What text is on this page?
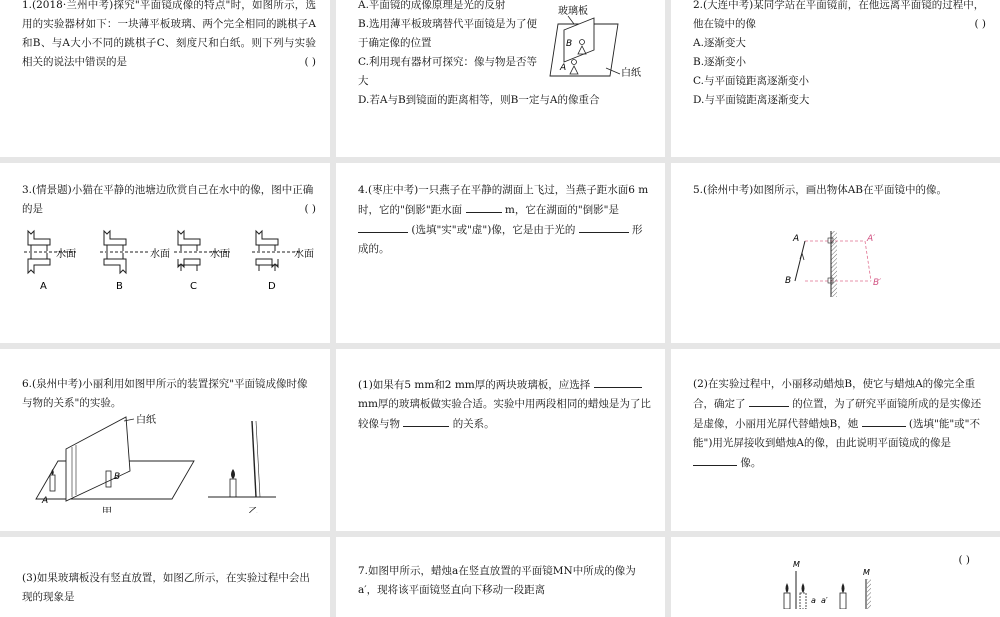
1.(2018·兰州中考)探究"平面镜成像的特点"时，如图所示，选用的实验器材如下：一块薄平板玻璃、两个完全相同的跳棋子A和B、与A大小不同的跳棋子C、刻度尺和白纸。则下列与实验相关的说法中错误的是	( )
A.平面镜的成像原理是光的反射
B.选用薄平板玻璃替代平面镜是为了便于确定像的位置
C.利用现有器材可探究：像与物是否等大
D.若A与B到镜面的距离相等，则B一定与A的像重合
玻璃板
B
A	白纸
2.(大连中考)某同学站在平面镜前，在他远离平面镜的过程中，他在镜中的像	( )
A.逐渐变大
B.逐渐变小
C.与平面镜距离逐渐变小
D.与平面镜距离逐渐变大
3.(情景题)小猫在平静的池塘边欣赏自己在水中的像，图中正确的是	( )
水面
A
水面
B
水面
C
水面
D
4.(枣庄中考)一只燕子在平静的湖面上飞过，当燕子距水面6 m时，它的"倒影"距水面	m，它在湖面的"倒影"是  (选填"实"或"虚")像，它是由于光的	形成的。
5.(徐州中考)如图所示，画出物体AB在平面镜中的像。
A
B
A′
B′
6.(泉州中考)小丽利用如图甲所示的装置探究"平面镜成像时像与物的关系"的实验。
白纸
A
B
甲	乙
(1)如果有5 mm和2 mm厚的两块玻璃板，应选择  mm厚的玻璃板做实验合适。实验中用两段相同的蜡烛是为了比较像与物	的关系。
(2)在实验过程中，小丽移动蜡烛B，使它与蜡烛A的像完全重合，确定了	的位置，为了研究平面镜所成的是实像还是虚像，小丽用光屏代替蜡烛B，她	(选填"能"或"不能")用光屏接收到蜡烛A的像，由此说明平面镜成的像是  像。
(3)如果玻璃板没有竖直放置，如图乙所示，在实验过程中会出现的现象是
7.如图甲所示，蜡烛a在竖直放置的平面镜MN中所成的像为a′，现将该平面镜竖直向下移动一段距离
( )
M
a a′
M
